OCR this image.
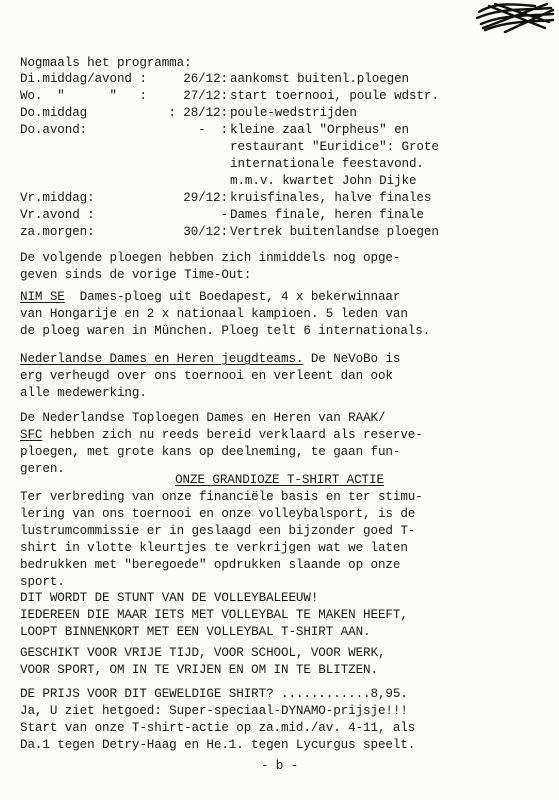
Nogmaals het programma:
Di.middag/avond :	26/12: aankomst buitenl.ploegen
Wo.  "      "   :	27/12: start toernooi, poule wdstr.
Do.middag	: 28/12: poule-wedstrijden
Do.avond:	-  : kleine zaal "Orpheus" en
restaurant "Euridice": Grote
internationale feestavond.
m.m.v. kwartet John Dijke
Vr.middag:	29/12: kruisfinales, halve finales
Vr.avond :	- Dames finale, heren finale
za.morgen:	30/12: Vertrek buitenlandse ploegen
De volgende ploegen hebben zich inmiddels nog opge-
geven sinds de vorige Time-Out:
NIM SE  Dames-ploeg uit Boedapest, 4 x bekerwinnaar
van Hongarije en 2 x nationaal kampioen. 5 leden van
de ploeg waren in München. Ploeg telt 6 internationals.
Nederlandse Dames en Heren jeugdteams. De NeVoBo is
erg verheugd over ons toernooi en verleent dan ook
alle medewerking.
De Nederlandse Toploegen Dames en Heren van RAAK/
SFC hebben zich nu reeds bereid verklaard als reserve-
ploegen, met grote kans op deelneming, te gaan fun-
geren.
ONZE GRANDIOZE T-SHIRT ACTIE
Ter verbreding van onze financiële basis en ter stimu-
lering van ons toernooi en onze volleybalsport, is de
lustrumcommissie er in geslaagd een bijzonder goed T-
shirt in vlotte kleurtjes te verkrijgen wat we laten
bedrukken met "beregoede" opdrukken slaande op onze
sport.
DIT WORDT DE STUNT VAN DE VOLLEYBALEEUW!
IEDEREEN DIE MAAR IETS MET VOLLEYBAL TE MAKEN HEEFT,
LOOPT BINNENKORT MET EEN VOLLEYBAL T-SHIRT AAN.
GESCHIKT VOOR VRIJE TIJD, VOOR SCHOOL, VOOR WERK,
VOOR SPORT, OM IN TE VRIJEN EN OM IN TE BLITZEN.
DE PRIJS VOOR DIT GEWELDIGE SHIRT? ............8,95.
Ja, U ziet hetgoed: Super-speciaal-DYNAMO-prijsje!!!
Start van onze T-shirt-actie op za.mid./av. 4-11, als
Da.1 tegen Detry-Haag en He.1. tegen Lycurgus speelt.
- b -
